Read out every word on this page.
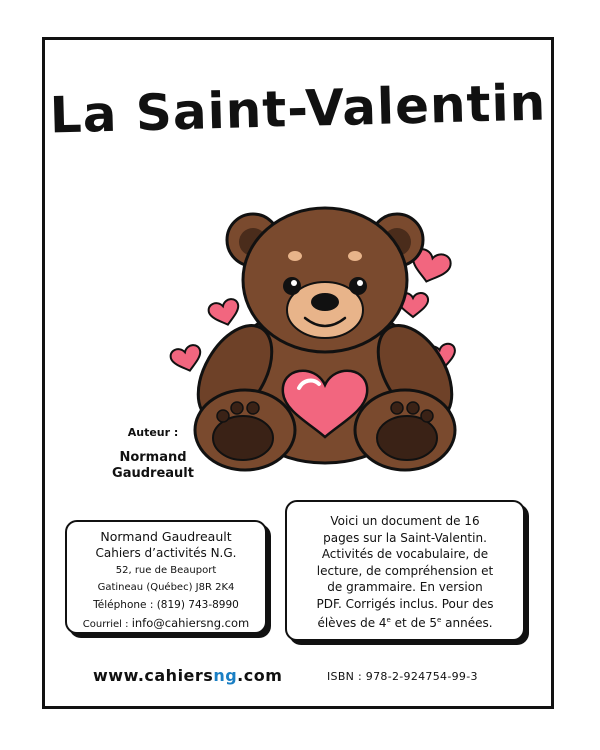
La Saint-Valentin
Auteur :
Normand
Gaudreault
Normand Gaudreault
Cahiers d’activités N.G.
52, rue de Beauport
Gatineau (Québec) J8R 2K4
Téléphone : (819) 743-8990
Courriel : info@cahiersng.com
Voici un document de 16
pages sur la Saint-Valentin.
Activités de vocabulaire, de
lecture, de compréhension et
de grammaire. En version
PDF. Corrigés inclus. Pour des
élèves de 4e et de 5e années.
www.cahiersng.com	ISBN : 978-2-924754-99-3
